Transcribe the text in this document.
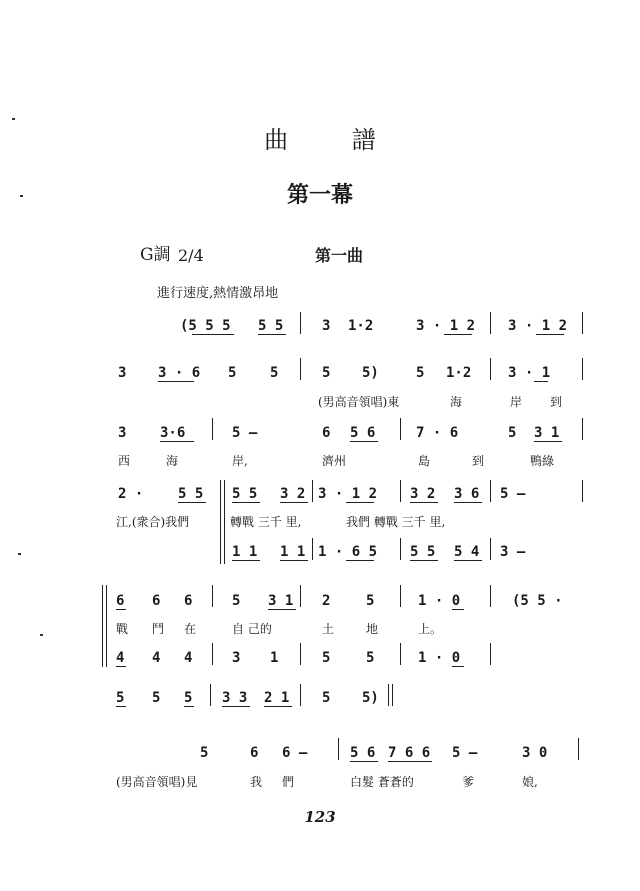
曲 譜
第一幕
G調 2/4	第一曲
進行速度,熱情激昂地
(5 5 5 5 5	3 1·2	3 · 1 2 3 · 1 2
3 3 · 6 5 5	5 5)	5 1·2	3 · 1
(男高音領唱)東	海	岸 到
3 3·6	5 —	6 5 6	7 · 6	5 3 1
西	海	岸,	濟州	島	到	鴨綠
2 · 5 5 5 5 3 2 3 · 1 2 3 2 3 6 5 —
江,(衆合)我們	轉戰 三千 里,	我們 轉戰 三千 里,
1 1 1 1 1 · 6 5 5 5 5 4 3 —
6 6 6	5 3 1 2	5	1 · 0	(5 5 ·
戰 鬥 在	自 己的	土	地	上。
4 4 4	3 1	5	5	1 · 0
5 5 5 3 3 2 1 5 5)
5	6 6 —	5 6 7 6 6 5 —	3 0
(男高音領唱)見	我 們	白髮 蒼蒼的	爹	娘,
123
